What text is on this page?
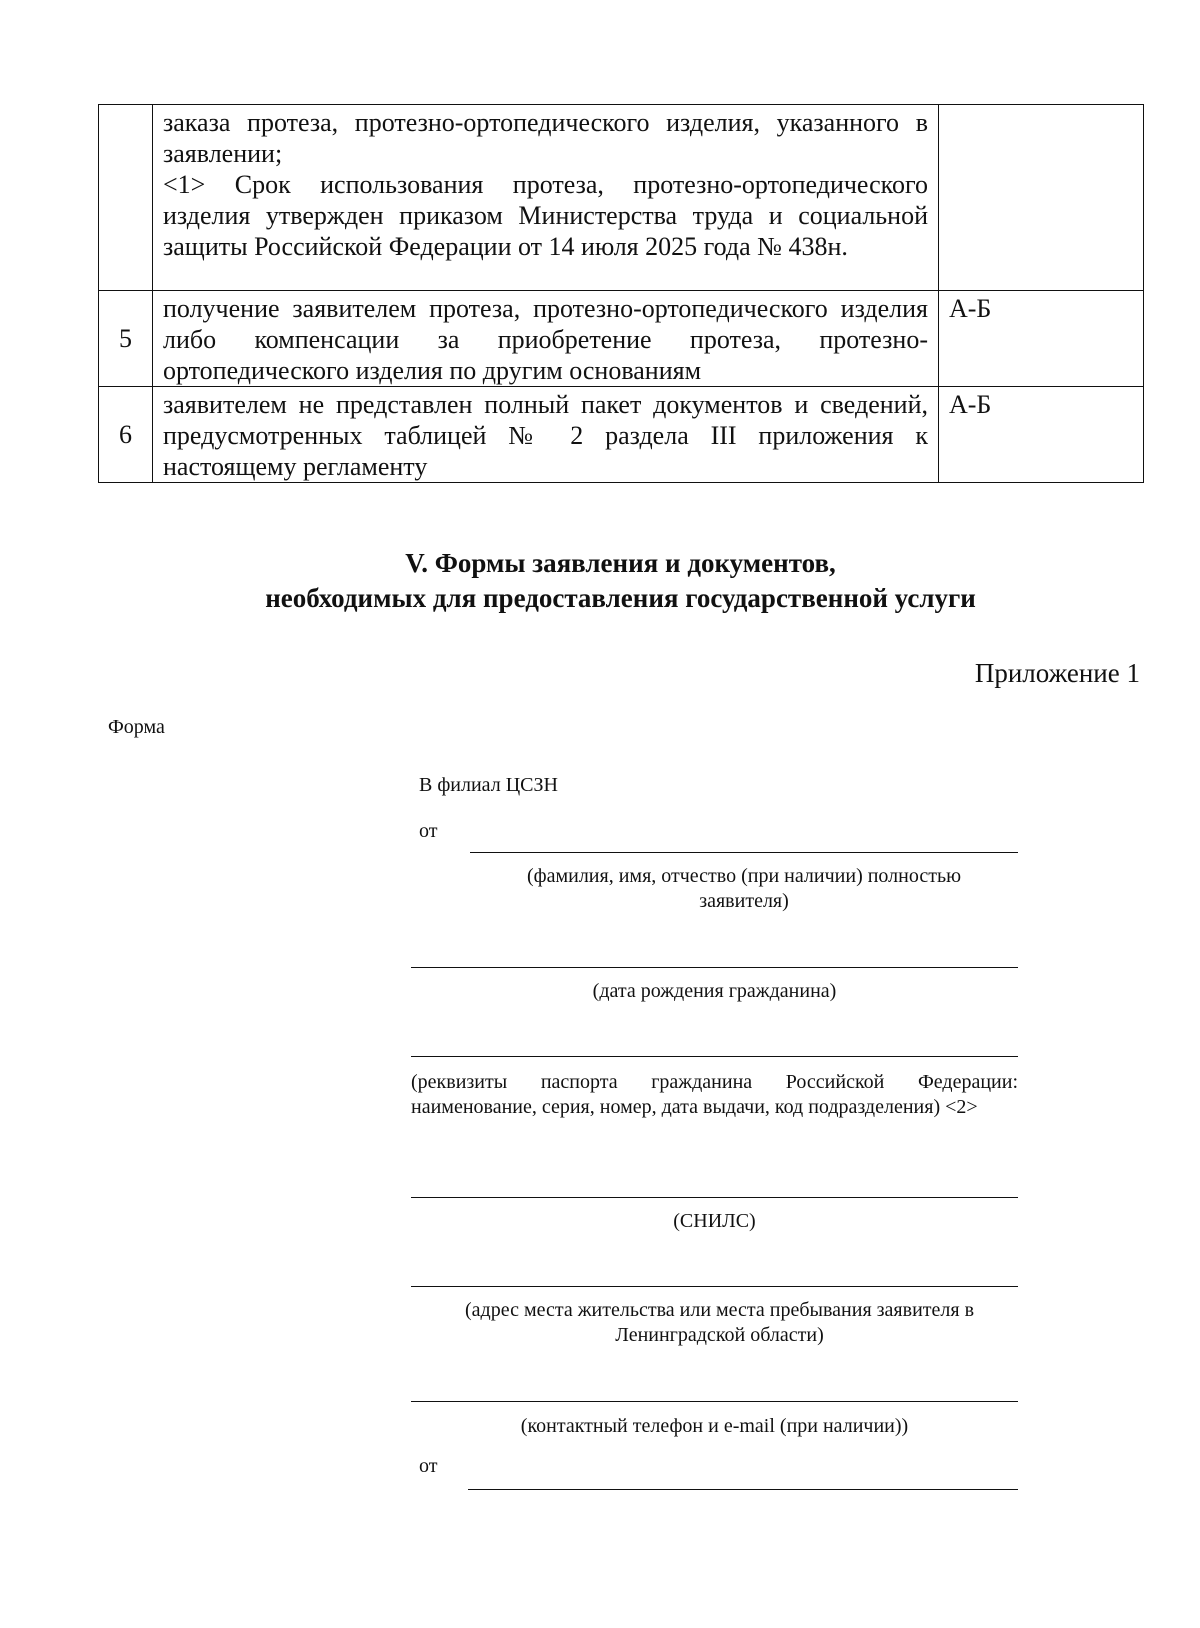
	заказа протеза, протезно-ортопедического изделия, указанного в заявлении;
<1> Срок использования протеза, протезно-ортопедического изделия утвержден приказом Министерства труда и социальной защиты Российской Федерации от 14 июля 2025 года № 438н.	

5	получение заявителем протеза, протезно-ортопедического изделия либо компенсации за приобретение протеза, протезно-ортопедического изделия по другим основаниям	А-Б
6	заявителем не представлен полный пакет документов и сведений, предусмотренных таблицей № 2 раздела III приложения к настоящему регламенту	А-Б
V. Формы заявления и документов,
необходимых для предоставления государственной услуги
Приложение 1
Форма
В филиал ЦСЗН
от
(фамилия, имя, отчество (при наличии) полностью заявителя)
(дата рождения гражданина)
(реквизиты паспорта гражданина Российской Федерации: наименование, серия, номер, дата выдачи, код подразделения) <2>
(СНИЛС)
(адрес места жительства или места пребывания заявителя в Ленинградской области)
(контактный телефон и e-mail (при наличии))
от
